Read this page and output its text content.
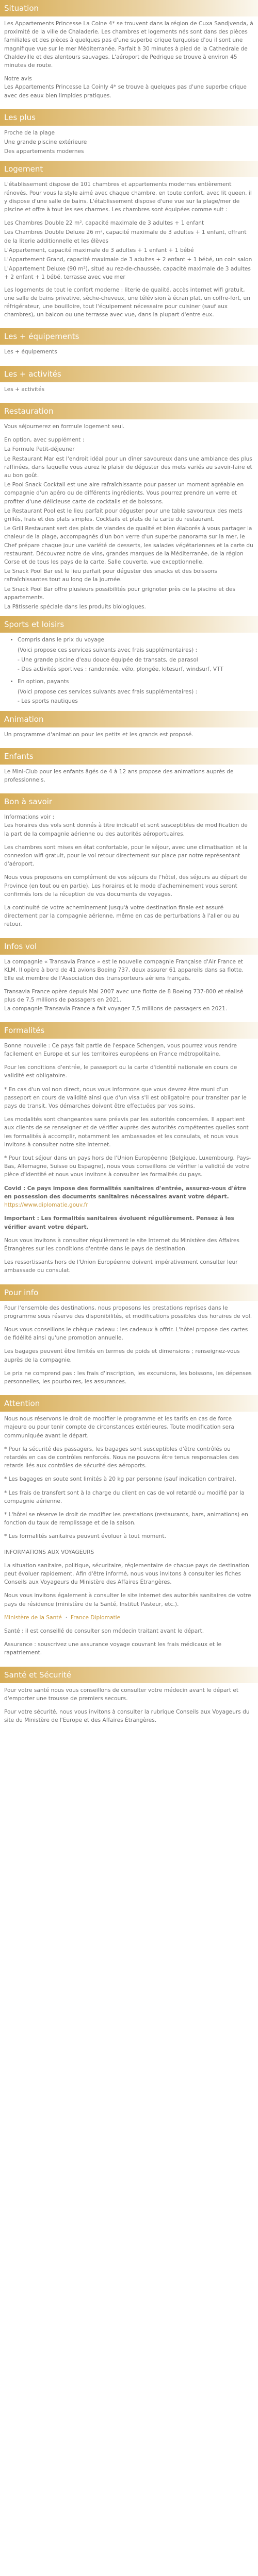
Situation

Les Appartements Princesse La Coine 4* se trouvent dans la région de Cuxa Sandjvenda, à proximité de la ville de Chaladerie. Les chambres et logements nés sont dans des pièces familiales et des pièces à quelques pas d'une superbe crique turquoise d'ou il sont une magnifique vue sur le mer Méditerranée. Parfait à 30 minutes à pied de la Cathedrale de Chaldeville et des alentours sauvages. L'aéroport de Pedrique se trouve à environ 45 minutes de route.

Notre avis
Les Appartements Princesse La Coinly 4* se trouve à quelques pas d'une superbe crique avec des eaux bien limpides pratiques.

Les plus

Proche de la plage

Une grande piscine extérieure

Des appartements modernes

Logement

L'établissement dispose de 101 chambres et appartements modernes entièrement rénovés. Pour vous la style aimé avec chaque chambre, en toute confort, avec lit queen, il y dispose d'une salle de bains. L'établissement dispose d'une vue sur la plage/mer de piscine et offre à tout les ses charmes. Les chambres sont équipées comme suit :

Les Chambres Double 22 m², capacité maximale de 3 adultes + 1 enfant

Les Chambres Double Deluxe 26 m², capacité maximale de 3 adultes + 1 enfant, offrant de la literie additionnelle et les élèves

L'Appartement, capacité maximale de 3 adultes + 1 enfant + 1 bébé

L'Appartement Grand, capacité maximale de 3 adultes + 2 enfant + 1 bébé, un coin salon

L'Appartement Deluxe (90 m²), situé au rez-de-chaussée, capacité maximale de 3 adultes + 2 enfant + 1 bébé, terrasse avec vue mer

Les logements de tout le confort moderne : literie de qualité, accès internet wifi gratuit, une salle de bains privative, sèche-cheveux, une télévision à écran plat, un coffre-fort, un réfrigérateur, une bouilloire, tout l'équipement nécessaire pour cuisiner (sauf aux chambres), un balcon ou une terrasse avec vue, dans la plupart d'entre eux.

Les + équipements

Les + équipements

Les + activités

Les + activités

Restauration

Vous séjournerez en formule logement seul.

En option, avec supplément :

La Formule Petit-déjeuner

Le Restaurant Mar est l'endroit idéal pour un dîner savoureux dans une ambiance des plus raffinées, dans laquelle vous aurez le plaisir de déguster des mets variés au savoir-faire et au bon goût.

Le Pool Snack Cocktail est une aire rafraîchissante pour passer un moment agréable en compagnie d'un apéro ou de différents ingrédients. Vous pourrez prendre un verre et profiter d'une délicieuse carte de cocktails et de boissons.

Le Restaurant Pool est le lieu parfait pour déguster pour une table savoureux des mets grillés, frais et des plats simples. Cocktails et plats de la carte du restaurant.

Le Grill Restaurant sert des plats de viandes de qualité et bien élaborés à vous partager la chaleur de la plage, accompagnés d'un bon verre d'un superbe panorama sur la mer, le Chef prépare chaque jour une variété de desserts, les salades végétariennes et la carte du restaurant. Découvrez notre de vins, grandes marques de la Méditerranée, de la région Corse et de tous les pays de la carte. Salle couverte, vue exceptionnelle.

Le Snack Pool Bar est le lieu parfait pour déguster des snacks et des boissons rafraîchissantes tout au long de la journée.

Le Snack Pool Bar offre plusieurs possibilités pour grignoter près de la piscine et des appartements.

La Pâtisserie spéciale dans les produits biologiques.

Sports et loisirs
• Compris dans le prix du voyage

(Voici propose ces services suivants avec frais supplémentaires) :

- Une grande piscine d'eau douce équipée de transats, de parasol

- Des activités sportives : randonnée, vélo, plongée, kitesurf, windsurf, VTT

• En option, payants

(Voici propose ces services suivants avec frais supplémentaires) :

- Les sports nautiques

Animation

Un programme d'animation pour les petits et les grands est proposé.

Enfants

Le Mini-Club pour les enfants âgés de 4 à 12 ans propose des animations auprès de professionnels.

Bon à savoir

Informations voir :
Les horaires des vols sont donnés à titre indicatif et sont susceptibles de modification de la part de la compagnie aérienne ou des autorités aéroportuaires.

Les chambres sont mises en état confortable, pour le séjour, avec une climatisation et la connexion wifi gratuit, pour le vol retour directement sur place par notre représentant d'aéroport.

Nous vous proposons en complément de vos séjours de l'hôtel, des séjours au départ de Province (en tout ou en partie). Les horaires et le mode d'acheminement vous seront confirmés lors de la réception de vos documents de voyages.

La continuité de votre acheminement jusqu'à votre destination finale est assuré directement par la compagnie aérienne, même en cas de perturbations à l'aller ou au retour.

Infos vol

La compagnie « Transavia France » est le nouvelle compagnie Française d'Air France et KLM. Il opère à bord de 41 avions Boeing 737, deux assurer 61 appareils dans sa flotte. Elle est membre de l'Association des transporteurs aériens français.

Transavia France opère depuis Mai 2007 avec une flotte de 8 Boeing 737-800 et réalisé plus de 7,5 millions de passagers en 2021.
La compagnie Transavia France a fait voyager 7,5 millions de passagers en 2021.

Formalités

Bonne nouvelle : Ce pays fait partie de l'espace Schengen, vous pourrez vous rendre facilement en Europe et sur les territoires européens en France métropolitaine.

Pour les conditions d'entrée, le passeport ou la carte d'identité nationale en cours de validité est obligatoire.

* En cas d'un vol non direct, nous vous informons que vous devrez être muni d'un passeport en cours de validité ainsi que d'un visa s'il est obligatoire pour transiter par le pays de transit. Vos démarches doivent être effectuées par vos soins.

Les modalités sont changeantes sans préavis par les autorités concernées. Il appartient aux clients de se renseigner et de vérifier auprès des autorités compétentes quelles sont les formalités à accomplir, notamment les ambassades et les consulats, et nous vous invitons à consulter notre site internet.

* Pour tout séjour dans un pays hors de l'Union Européenne (Belgique, Luxembourg, Pays-Bas, Allemagne, Suisse ou Espagne), nous vous conseillons de vérifier la validité de votre pièce d'identité et nous vous invitons à consulter les formalités du pays.

Covid : Ce pays impose des formalités sanitaires d'entrée, assurez-vous d'être en possession des documents sanitaires nécessaires avant votre départ. https://www.diplomatie.gouv.fr

Important : Les formalités sanitaires évoluent régulièrement. Pensez à les vérifier avant votre départ.

Nous vous invitons à consulter régulièrement le site Internet du Ministère des Affaires Étrangères sur les conditions d'entrée dans le pays de destination.

Les ressortissants hors de l'Union Européenne doivent impérativement consulter leur ambassade ou consulat.

Pour info

Pour l'ensemble des destinations, nous proposons les prestations reprises dans le programme sous réserve des disponibilités, et modifications possibles des horaires de vol.

Nous vous conseillons le chèque cadeau : les cadeaux à offrir. L'hôtel propose des cartes de fidélité ainsi qu'une promotion annuelle.

Les bagages peuvent être limités en termes de poids et dimensions ; renseignez-vous auprès de la compagnie.

Le prix ne comprend pas : les frais d'inscription, les excursions, les boissons, les dépenses personnelles, les pourboires, les assurances.

Attention

Nous nous réservons le droit de modifier le programme et les tarifs en cas de force majeure ou pour tenir compte de circonstances extérieures. Toute modification sera communiquée avant le départ.

* Pour la sécurité des passagers, les bagages sont susceptibles d'être contrôlés ou retardés en cas de contrôles renforcés. Nous ne pouvons être tenus responsables des retards liés aux contrôles de sécurité des aéroports.

* Les bagages en soute sont limités à 20 kg par personne (sauf indication contraire).

* Les frais de transfert sont à la charge du client en cas de vol retardé ou modifié par la compagnie aérienne.

* L'hôtel se réserve le droit de modifier les prestations (restaurants, bars, animations) en fonction du taux de remplissage et de la saison.

* Les formalités sanitaires peuvent évoluer à tout moment.

INFORMATIONS AUX VOYAGEURS

La situation sanitaire, politique, sécuritaire, réglementaire de chaque pays de destination peut évoluer rapidement. Afin d'être informé, nous vous invitons à consulter les fiches Conseils aux Voyageurs du Ministère des Affaires Étrangères.

Nous vous invitons également à consulter le site internet des autorités sanitaires de votre pays de résidence (ministère de la Santé, Institut Pasteur, etc.).

Ministère de la Santé  ·  France Diplomatie

Santé : il est conseillé de consulter son médecin traitant avant le départ.

Assurance : souscrivez une assurance voyage couvrant les frais médicaux et le rapatriement.

Santé et Sécurité

Pour votre santé nous vous conseillons de consulter votre médecin avant le départ et d'emporter une trousse de premiers secours.

Pour votre sécurité, nous vous invitons à consulter la rubrique Conseils aux Voyageurs du site du Ministère de l'Europe et des Affaires Étrangères.
